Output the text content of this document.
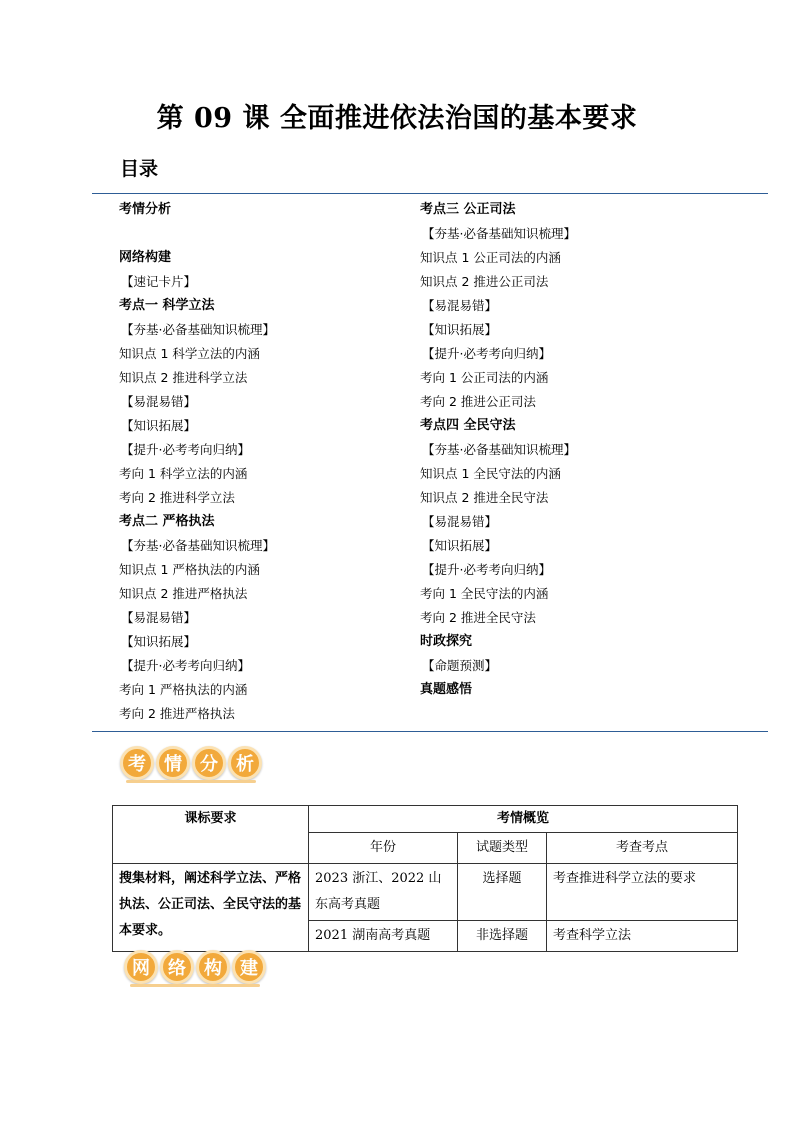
第 09 课 全面推进依法治国的基本要求
目录
考情分析
网络构建
【速记卡片】
考点一 科学立法
【夯基·必备基础知识梳理】
知识点 1 科学立法的内涵
知识点 2 推进科学立法
【易混易错】
【知识拓展】
【提升·必考考向归纳】
考向 1 科学立法的内涵
考向 2 推进科学立法
考点二 严格执法
【夯基·必备基础知识梳理】
知识点 1 严格执法的内涵
知识点 2 推进严格执法
【易混易错】
【知识拓展】
【提升·必考考向归纳】
考向 1 严格执法的内涵
考向 2 推进严格执法
考点三 公正司法
【夯基·必备基础知识梳理】
知识点 1 公正司法的内涵
知识点 2 推进公正司法
【易混易错】
【知识拓展】
【提升·必考考向归纳】
考向 1 公正司法的内涵
考向 2 推进公正司法
考点四 全民守法
【夯基·必备基础知识梳理】
知识点 1 全民守法的内涵
知识点 2 推进全民守法
【易混易错】
【知识拓展】
【提升·必考考向归纳】
考向 1 全民守法的内涵
考向 2 推进全民守法
时政探究
【命题预测】
真题感悟
考	情	分	析
课标要求	考情概览		
	年份	试题类型	考查考点
搜集材料，阐述科学立法、严格执法、公正司法、全民守法的基本要求。	2023 浙江、2022 山东高考真题	选择题	考查推进科学立法的要求
	2021 湖南高考真题	非选择题	考查科学立法
网	络	构	建
